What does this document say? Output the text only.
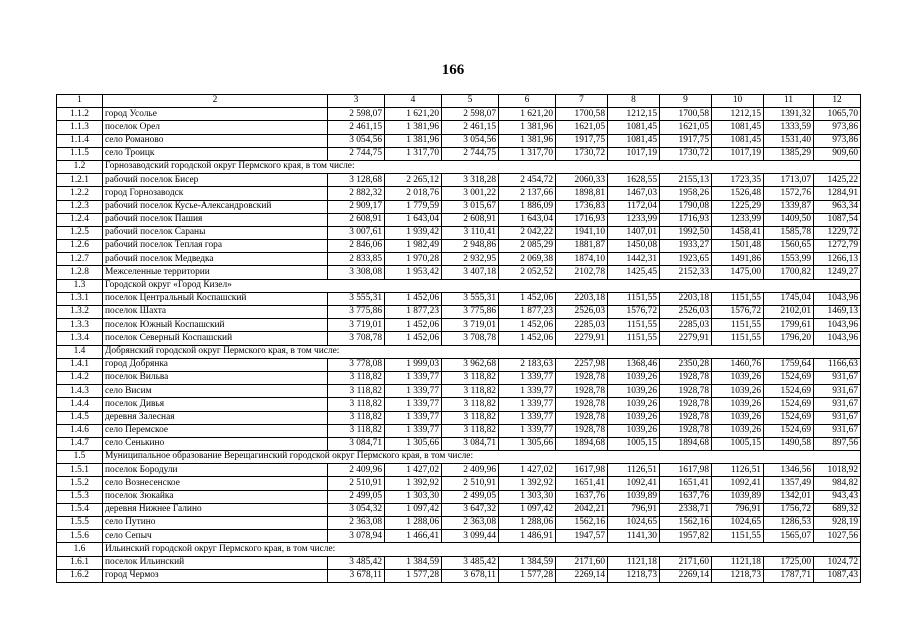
166
1	2	3	4	5	6	7	8	9	10	11	12
1.1.2	город Усолье	2 598,07	1 621,20	2 598,07	1 621,20	1700,58	1212,15	1700,58	1212,15	1391,32	1065,70
1.1.3	поселок Орел	2 461,15	1 381,96	2 461,15	1 381,96	1621,05	1081,45	1621,05	1081,45	1333,59	973,86
1.1.4	село Романово	3 054,56	1 381,96	3 054,56	1 381,96	1917,75	1081,45	1917,75	1081,45	1531,40	973,86
1.1.5	село Троицк	2 744,75	1 317,70	2 744,75	1 317,70	1730,72	1017,19	1730,72	1017,19	1385,29	909,60
1.2	Горнозаводский городской округ Пермского края, в том числе:										
1.2.1	рабочий поселок Бисер	3 128,68	2 265,12	3 318,28	2 454,72	2060,33	1628,55	2155,13	1723,35	1713,07	1425,22
1.2.2	город Горнозаводск	2 882,32	2 018,76	3 001,22	2 137,66	1898,81	1467,03	1958,26	1526,48	1572,76	1284,91
1.2.3	рабочий поселок Кусье-Александровский	2 909,17	1 779,59	3 015,67	1 886,09	1736,83	1172,04	1790,08	1225,29	1339,87	963,34
1.2.4	рабочий поселок Пашия	2 608,91	1 643,04	2 608,91	1 643,04	1716,93	1233,99	1716,93	1233,99	1409,50	1087,54
1.2.5	рабочий поселок Сараны	3 007,61	1 939,42	3 110,41	2 042,22	1941,10	1407,01	1992,50	1458,41	1585,78	1229,72
1.2.6	рабочий поселок Теплая гора	2 846,06	1 982,49	2 948,86	2 085,29	1881,87	1450,08	1933,27	1501,48	1560,65	1272,79
1.2.7	рабочий поселок Медведка	2 833,85	1 970,28	2 932,95	2 069,38	1874,10	1442,31	1923,65	1491,86	1553,99	1266,13
1.2.8	Межселенные территории	3 308,08	1 953,42	3 407,18	2 052,52	2102,78	1425,45	2152,33	1475,00	1700,82	1249,27
1.3	Городской округ «Город Кизел»										
1.3.1	поселок Центральный Коспашский	3 555,31	1 452,06	3 555,31	1 452,06	2203,18	1151,55	2203,18	1151,55	1745,04	1043,96
1.3.2	поселок Шахта	3 775,86	1 877,23	3 775,86	1 877,23	2526,03	1576,72	2526,03	1576,72	2102,01	1469,13
1.3.3	поселок Южный Коспашский	3 719,01	1 452,06	3 719,01	1 452,06	2285,03	1151,55	2285,03	1151,55	1799,61	1043,96
1.3.4	поселок Северный Коспашский	3 708,78	1 452,06	3 708,78	1 452,06	2279,91	1151,55	2279,91	1151,55	1796,20	1043,96
1.4	Добрянский городской округ Пермского края, в том числе:										
1.4.1	город Добрянка	3 778,08	1 999,03	3 962,68	2 183,63	2257,98	1368,46	2350,28	1460,76	1759,64	1166,63
1.4.2	поселок Вильва	3 118,82	1 339,77	3 118,82	1 339,77	1928,78	1039,26	1928,78	1039,26	1524,69	931,67
1.4.3	село Висим	3 118,82	1 339,77	3 118,82	1 339,77	1928,78	1039,26	1928,78	1039,26	1524,69	931,67
1.4.4	поселок Дивья	3 118,82	1 339,77	3 118,82	1 339,77	1928,78	1039,26	1928,78	1039,26	1524,69	931,67
1.4.5	деревня Залесная	3 118,82	1 339,77	3 118,82	1 339,77	1928,78	1039,26	1928,78	1039,26	1524,69	931,67
1.4.6	село Перемское	3 118,82	1 339,77	3 118,82	1 339,77	1928,78	1039,26	1928,78	1039,26	1524,69	931,67
1.4.7	село Сенькино	3 084,71	1 305,66	3 084,71	1 305,66	1894,68	1005,15	1894,68	1005,15	1490,58	897,56
1.5	Муниципальное образование Верещагинский городской округ Пермского края, в том числе:										
1.5.1	поселок Бородули	2 409,96	1 427,02	2 409,96	1 427,02	1617,98	1126,51	1617,98	1126,51	1346,56	1018,92
1.5.2	село Вознесенское	2 510,91	1 392,92	2 510,91	1 392,92	1651,41	1092,41	1651,41	1092,41	1357,49	984,82
1.5.3	поселок Зюкайка	2 499,05	1 303,30	2 499,05	1 303,30	1637,76	1039,89	1637,76	1039,89	1342,01	943,43
1.5.4	деревня Нижнее Галино	3 054,32	1 097,42	3 647,32	1 097,42	2042,21	796,91	2338,71	796,91	1756,72	689,32
1.5.5	село Путино	2 363,08	1 288,06	2 363,08	1 288,06	1562,16	1024,65	1562,16	1024,65	1286,53	928,19
1.5.6	село Сепыч	3 078,94	1 466,41	3 099,44	1 486,91	1947,57	1141,30	1957,82	1151,55	1565,07	1027,56
1.6	Ильинский городской округ Пермского края, в том числе:										
1.6.1	поселок Ильинский	3 485,42	1 384,59	3 485,42	1 384,59	2171,60	1121,18	2171,60	1121,18	1725,00	1024,72
1.6.2	город Чермоз	3 678,11	1 577,28	3 678,11	1 577,28	2269,14	1218,73	2269,14	1218,73	1787,71	1087,43
